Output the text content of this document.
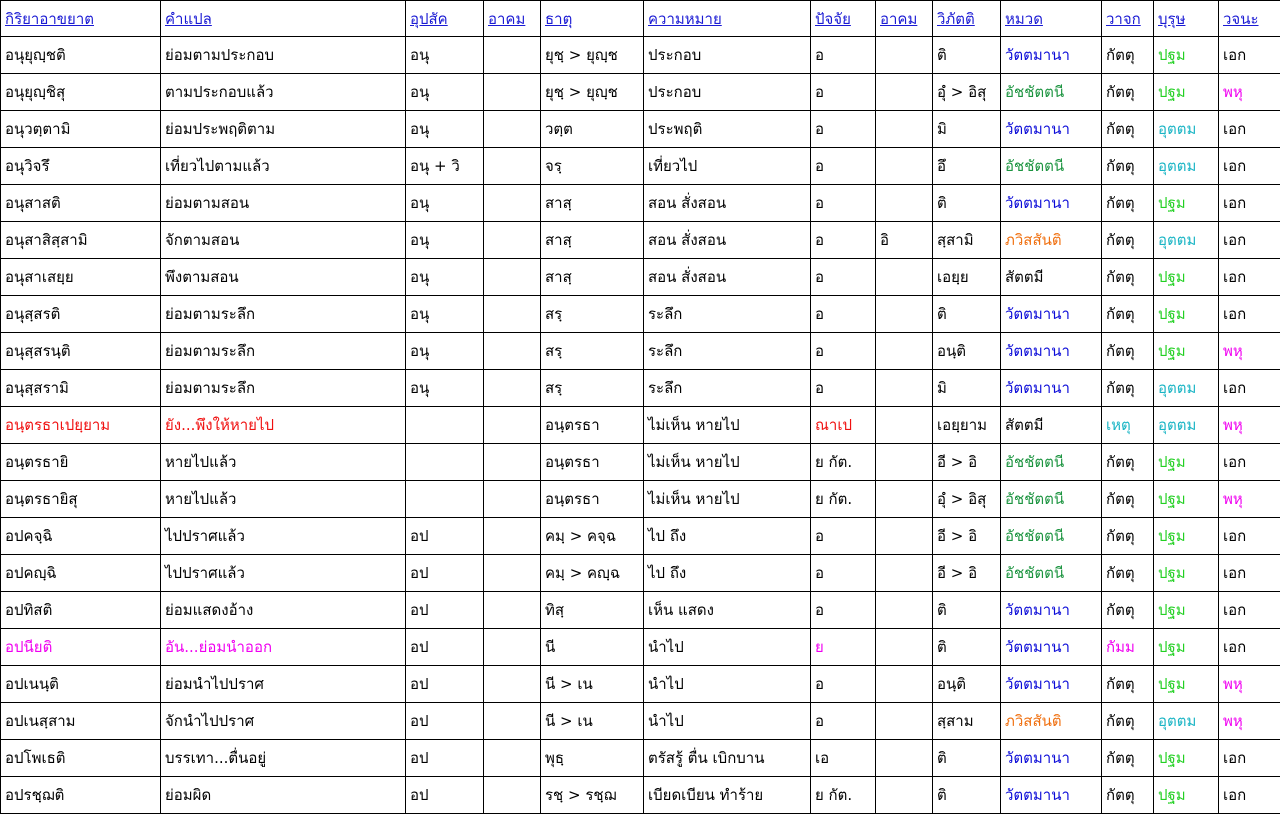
กิริยาอาขยาต	คำแปล	อุปสัค	อาคม	ธาตุ	ความหมาย	ปัจจัย	อาคม	วิภัตติ	หมวด	วาจก	บุรุษ	วจนะ
อนุยุญฺชติ	ย่อมตามประกอบ	อนุ		ยุชฺ > ยุญฺช	ประกอบ	อ		ติ	วัตตมานา	กัตตุ	ปฐม	เอก
อนุยุญฺชิสุ	ตามประกอบแล้ว	อนุ		ยุชฺ > ยุญฺช	ประกอบ	อ		อุํ > อิสุ	อัชชัตตนี	กัตตุ	ปฐม	พหุ
อนุวตฺตามิ	ย่อมประพฤติตาม	อนุ		วตฺต	ประพฤติ	อ		มิ	วัตตมานา	กัตตุ	อุตตม	เอก
อนุวิจรึ	เที่ยวไปตามแล้ว	อนุ + วิ		จรฺ	เที่ยวไป	อ		อึ	อัชชัตตนี	กัตตุ	อุตตม	เอก
อนุสาสติ	ย่อมตามสอน	อนุ		สาสฺ	สอน สั่งสอน	อ		ติ	วัตตมานา	กัตตุ	ปฐม	เอก
อนุสาสิสฺสามิ	จักตามสอน	อนุ		สาสฺ	สอน สั่งสอน	อ	อิ	สฺสามิ	ภวิสสันติ	กัตตุ	อุตตม	เอก
อนุสาเสยฺย	พึงตามสอน	อนุ		สาสฺ	สอน สั่งสอน	อ		เอยฺย	สัตตมี	กัตตุ	ปฐม	เอก
อนุสฺสรติ	ย่อมตามระลึก	อนุ		สรฺ	ระลึก	อ		ติ	วัตตมานา	กัตตุ	ปฐม	เอก
อนุสฺสรนฺติ	ย่อมตามระลึก	อนุ		สรฺ	ระลึก	อ		อนฺติ	วัตตมานา	กัตตุ	ปฐม	พหุ
อนุสฺสรามิ	ย่อมตามระลึก	อนุ		สรฺ	ระลึก	อ		มิ	วัตตมานา	กัตตุ	อุตตม	เอก
อนฺตรธาเปยฺยาม	ยัง...พึงให้หายไป			อนฺตรธา	ไม่เห็น หายไป	ณาเป		เอยฺยาม	สัตตมี	เหตุ	อุตตม	พหุ
อนฺตรธายิ	หายไปแล้ว			อนฺตรธา	ไม่เห็น หายไป	ย กัต.		อี > อิ	อัชชัตตนี	กัตตุ	ปฐม	เอก
อนฺตรธายิสุ	หายไปแล้ว			อนฺตรธา	ไม่เห็น หายไป	ย กัต.		อุํ > อิสุ	อัชชัตตนี	กัตตุ	ปฐม	พหุ
อปคจฺฉิ	ไปปราศแล้ว	อป		คมฺ > คจฺฉ	ไป ถึง	อ		อี > อิ	อัชชัตตนี	กัตตุ	ปฐม	เอก
อปคญฺฉิ	ไปปราศแล้ว	อป		คมฺ > คญฺฉ	ไป ถึง	อ		อี > อิ	อัชชัตตนี	กัตตุ	ปฐม	เอก
อปทิสติ	ย่อมแสดงอ้าง	อป		ทิสฺ	เห็น แสดง	อ		ติ	วัตตมานา	กัตตุ	ปฐม	เอก
อปนียติ	อัน...ย่อมนำออก	อป		นี	นำไป	ย		ติ	วัตตมานา	กัมม	ปฐม	เอก
อปเนนฺติ	ย่อมนำไปปราศ	อป		นี > เน	นำไป	อ		อนฺติ	วัตตมานา	กัตตุ	ปฐม	พหุ
อปเนสฺสาม	จักนำไปปราศ	อป		นี > เน	นำไป	อ		สฺสาม	ภวิสสันติ	กัตตุ	อุตตม	พหุ
อปโพเธติ	บรรเทา...ตื่นอยู่	อป		พุธฺ	ตรัสรู้ ตื่น เบิกบาน	เอ		ติ	วัตตมานา	กัตตุ	ปฐม	เอก
อปรชฺฌติ	ย่อมผิด	อป		รชฺ > รชฺฌ	เบียดเบียน ทำร้าย	ย กัต.		ติ	วัตตมานา	กัตตุ	ปฐม	เอก
